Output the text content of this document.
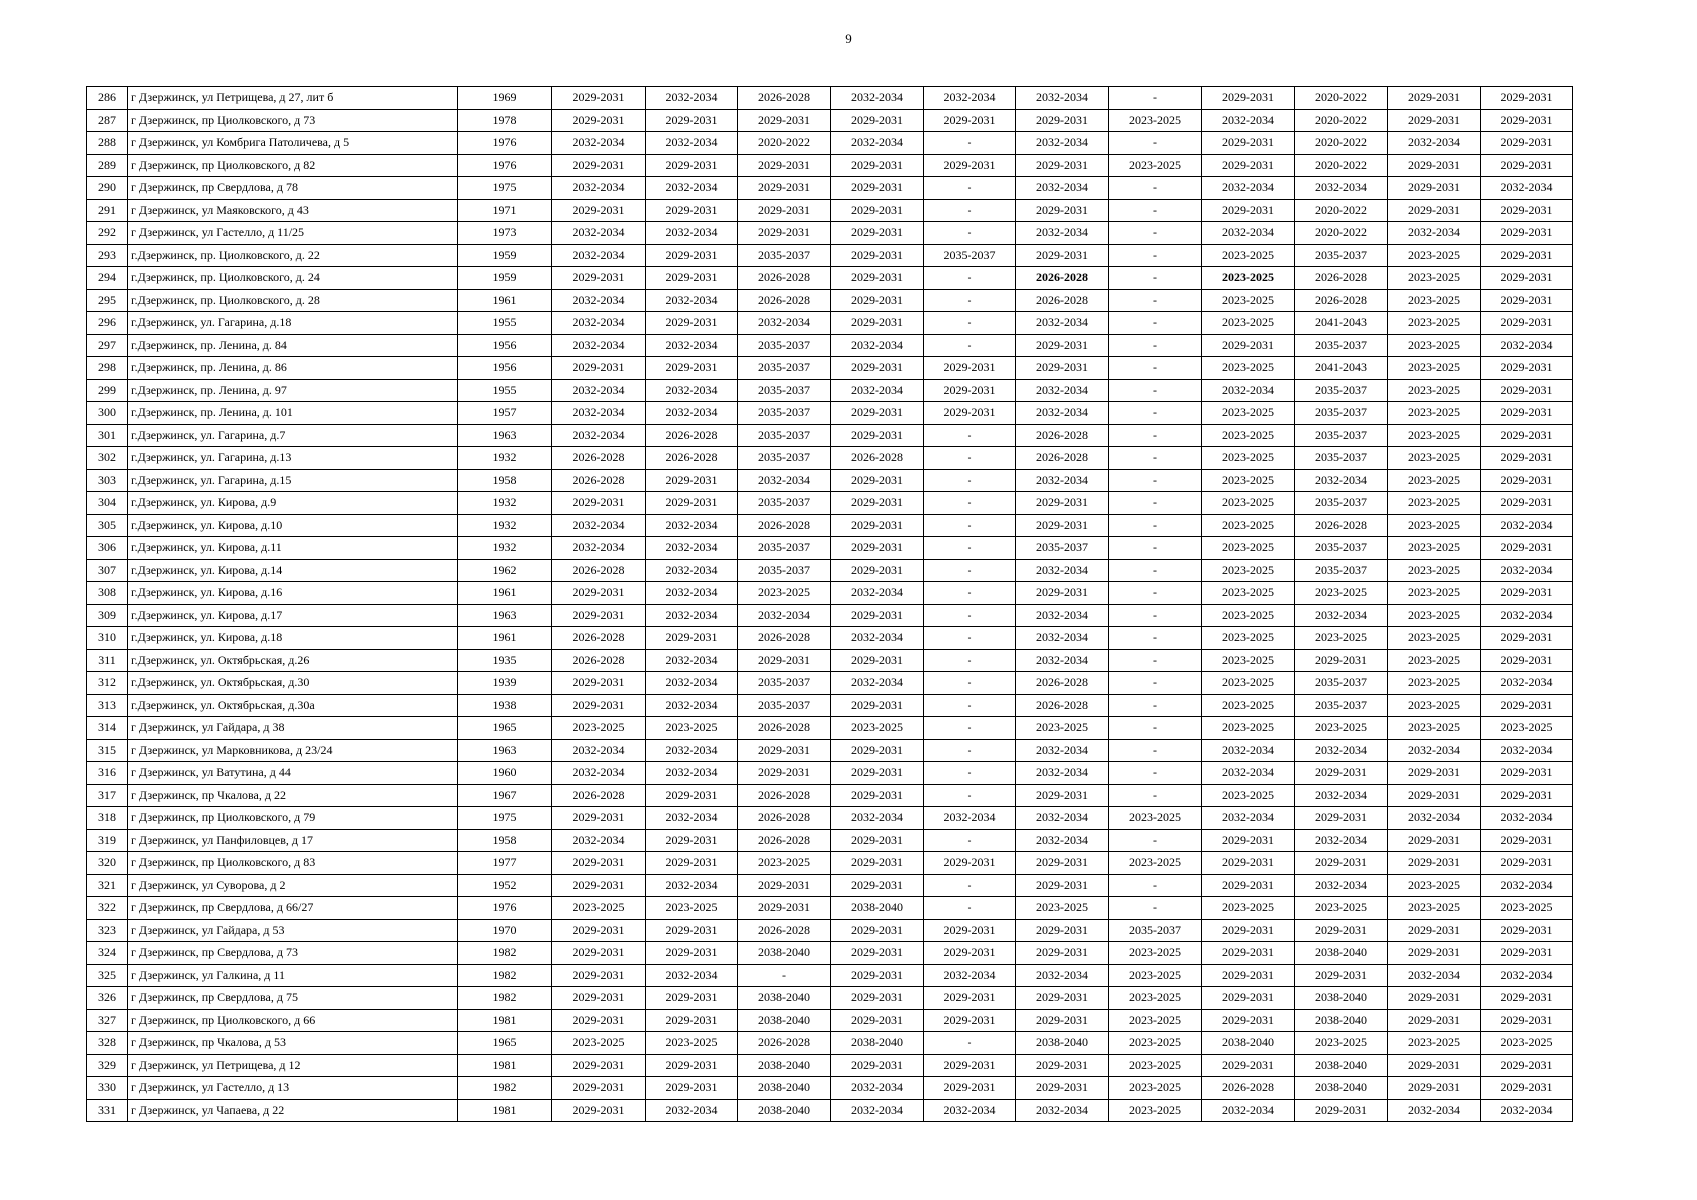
9
286	г Дзержинск, ул Петрищева, д 27, лит б	1969	2029-2031	2032-2034	2026-2028	2032-2034	2032-2034	2032-2034	-	2029-2031	2020-2022	2029-2031	2029-2031
287	г Дзержинск, пр Циолковского, д 73	1978	2029-2031	2029-2031	2029-2031	2029-2031	2029-2031	2029-2031	2023-2025	2032-2034	2020-2022	2029-2031	2029-2031
288	г Дзержинск, ул Комбрига Патоличева, д 5	1976	2032-2034	2032-2034	2020-2022	2032-2034	-	2032-2034	-	2029-2031	2020-2022	2032-2034	2029-2031
289	г Дзержинск, пр Циолковского, д 82	1976	2029-2031	2029-2031	2029-2031	2029-2031	2029-2031	2029-2031	2023-2025	2029-2031	2020-2022	2029-2031	2029-2031
290	г Дзержинск, пр Свердлова, д 78	1975	2032-2034	2032-2034	2029-2031	2029-2031	-	2032-2034	-	2032-2034	2032-2034	2029-2031	2032-2034
291	г Дзержинск, ул Маяковского, д 43	1971	2029-2031	2029-2031	2029-2031	2029-2031	-	2029-2031	-	2029-2031	2020-2022	2029-2031	2029-2031
292	г Дзержинск, ул Гастелло, д 11/25	1973	2032-2034	2032-2034	2029-2031	2029-2031	-	2032-2034	-	2032-2034	2020-2022	2032-2034	2029-2031
293	г.Дзержинск, пр. Циолковского, д. 22	1959	2032-2034	2029-2031	2035-2037	2029-2031	2035-2037	2029-2031	-	2023-2025	2035-2037	2023-2025	2029-2031
294	г.Дзержинск, пр. Циолковского, д. 24	1959	2029-2031	2029-2031	2026-2028	2029-2031	-	2026-2028	-	2023-2025	2026-2028	2023-2025	2029-2031
295	г.Дзержинск, пр. Циолковского, д. 28	1961	2032-2034	2032-2034	2026-2028	2029-2031	-	2026-2028	-	2023-2025	2026-2028	2023-2025	2029-2031
296	г.Дзержинск, ул. Гагарина, д.18	1955	2032-2034	2029-2031	2032-2034	2029-2031	-	2032-2034	-	2023-2025	2041-2043	2023-2025	2029-2031
297	г.Дзержинск, пр. Ленина, д. 84	1956	2032-2034	2032-2034	2035-2037	2032-2034	-	2029-2031	-	2029-2031	2035-2037	2023-2025	2032-2034
298	г.Дзержинск, пр. Ленина, д. 86	1956	2029-2031	2029-2031	2035-2037	2029-2031	2029-2031	2029-2031	-	2023-2025	2041-2043	2023-2025	2029-2031
299	г.Дзержинск, пр. Ленина, д. 97	1955	2032-2034	2032-2034	2035-2037	2032-2034	2029-2031	2032-2034	-	2032-2034	2035-2037	2023-2025	2029-2031
300	г.Дзержинск, пр. Ленина, д. 101	1957	2032-2034	2032-2034	2035-2037	2029-2031	2029-2031	2032-2034	-	2023-2025	2035-2037	2023-2025	2029-2031
301	г.Дзержинск, ул. Гагарина, д.7	1963	2032-2034	2026-2028	2035-2037	2029-2031	-	2026-2028	-	2023-2025	2035-2037	2023-2025	2029-2031
302	г.Дзержинск, ул. Гагарина, д.13	1932	2026-2028	2026-2028	2035-2037	2026-2028	-	2026-2028	-	2023-2025	2035-2037	2023-2025	2029-2031
303	г.Дзержинск, ул. Гагарина, д.15	1958	2026-2028	2029-2031	2032-2034	2029-2031	-	2032-2034	-	2023-2025	2032-2034	2023-2025	2029-2031
304	г.Дзержинск, ул. Кирова, д.9	1932	2029-2031	2029-2031	2035-2037	2029-2031	-	2029-2031	-	2023-2025	2035-2037	2023-2025	2029-2031
305	г.Дзержинск, ул. Кирова, д.10	1932	2032-2034	2032-2034	2026-2028	2029-2031	-	2029-2031	-	2023-2025	2026-2028	2023-2025	2032-2034
306	г.Дзержинск, ул. Кирова, д.11	1932	2032-2034	2032-2034	2035-2037	2029-2031	-	2035-2037	-	2023-2025	2035-2037	2023-2025	2029-2031
307	г.Дзержинск, ул. Кирова, д.14	1962	2026-2028	2032-2034	2035-2037	2029-2031	-	2032-2034	-	2023-2025	2035-2037	2023-2025	2032-2034
308	г.Дзержинск, ул. Кирова, д.16	1961	2029-2031	2032-2034	2023-2025	2032-2034	-	2029-2031	-	2023-2025	2023-2025	2023-2025	2029-2031
309	г.Дзержинск, ул. Кирова, д.17	1963	2029-2031	2032-2034	2032-2034	2029-2031	-	2032-2034	-	2023-2025	2032-2034	2023-2025	2032-2034
310	г.Дзержинск, ул. Кирова, д.18	1961	2026-2028	2029-2031	2026-2028	2032-2034	-	2032-2034	-	2023-2025	2023-2025	2023-2025	2029-2031
311	г.Дзержинск, ул. Октябрьская, д.26	1935	2026-2028	2032-2034	2029-2031	2029-2031	-	2032-2034	-	2023-2025	2029-2031	2023-2025	2029-2031
312	г.Дзержинск, ул. Октябрьская, д.30	1939	2029-2031	2032-2034	2035-2037	2032-2034	-	2026-2028	-	2023-2025	2035-2037	2023-2025	2032-2034
313	г.Дзержинск, ул. Октябрьская, д.30а	1938	2029-2031	2032-2034	2035-2037	2029-2031	-	2026-2028	-	2023-2025	2035-2037	2023-2025	2029-2031
314	г Дзержинск, ул Гайдара, д 38	1965	2023-2025	2023-2025	2026-2028	2023-2025	-	2023-2025	-	2023-2025	2023-2025	2023-2025	2023-2025
315	г Дзержинск, ул Марковникова, д 23/24	1963	2032-2034	2032-2034	2029-2031	2029-2031	-	2032-2034	-	2032-2034	2032-2034	2032-2034	2032-2034
316	г Дзержинск, ул Ватутина, д 44	1960	2032-2034	2032-2034	2029-2031	2029-2031	-	2032-2034	-	2032-2034	2029-2031	2029-2031	2029-2031
317	г Дзержинск, пр Чкалова, д 22	1967	2026-2028	2029-2031	2026-2028	2029-2031	-	2029-2031	-	2023-2025	2032-2034	2029-2031	2029-2031
318	г Дзержинск, пр Циолковского, д 79	1975	2029-2031	2032-2034	2026-2028	2032-2034	2032-2034	2032-2034	2023-2025	2032-2034	2029-2031	2032-2034	2032-2034
319	г Дзержинск, ул Панфиловцев, д 17	1958	2032-2034	2029-2031	2026-2028	2029-2031	-	2032-2034	-	2029-2031	2032-2034	2029-2031	2029-2031
320	г Дзержинск, пр Циолковского, д 83	1977	2029-2031	2029-2031	2023-2025	2029-2031	2029-2031	2029-2031	2023-2025	2029-2031	2029-2031	2029-2031	2029-2031
321	г Дзержинск, ул Суворова, д 2	1952	2029-2031	2032-2034	2029-2031	2029-2031	-	2029-2031	-	2029-2031	2032-2034	2023-2025	2032-2034
322	г Дзержинск, пр Свердлова, д 66/27	1976	2023-2025	2023-2025	2029-2031	2038-2040	-	2023-2025	-	2023-2025	2023-2025	2023-2025	2023-2025
323	г Дзержинск, ул Гайдара, д 53	1970	2029-2031	2029-2031	2026-2028	2029-2031	2029-2031	2029-2031	2035-2037	2029-2031	2029-2031	2029-2031	2029-2031
324	г Дзержинск, пр Свердлова, д 73	1982	2029-2031	2029-2031	2038-2040	2029-2031	2029-2031	2029-2031	2023-2025	2029-2031	2038-2040	2029-2031	2029-2031
325	г Дзержинск, ул Галкина, д 11	1982	2029-2031	2032-2034	-	2029-2031	2032-2034	2032-2034	2023-2025	2029-2031	2029-2031	2032-2034	2032-2034
326	г Дзержинск, пр Свердлова, д 75	1982	2029-2031	2029-2031	2038-2040	2029-2031	2029-2031	2029-2031	2023-2025	2029-2031	2038-2040	2029-2031	2029-2031
327	г Дзержинск, пр Циолковского, д 66	1981	2029-2031	2029-2031	2038-2040	2029-2031	2029-2031	2029-2031	2023-2025	2029-2031	2038-2040	2029-2031	2029-2031
328	г Дзержинск, пр Чкалова, д 53	1965	2023-2025	2023-2025	2026-2028	2038-2040	-	2038-2040	2023-2025	2038-2040	2023-2025	2023-2025	2023-2025
329	г Дзержинск, ул Петрищева, д 12	1981	2029-2031	2029-2031	2038-2040	2029-2031	2029-2031	2029-2031	2023-2025	2029-2031	2038-2040	2029-2031	2029-2031
330	г Дзержинск, ул Гастелло, д 13	1982	2029-2031	2029-2031	2038-2040	2032-2034	2029-2031	2029-2031	2023-2025	2026-2028	2038-2040	2029-2031	2029-2031
331	г Дзержинск, ул Чапаева, д 22	1981	2029-2031	2032-2034	2038-2040	2032-2034	2032-2034	2032-2034	2023-2025	2032-2034	2029-2031	2032-2034	2032-2034
